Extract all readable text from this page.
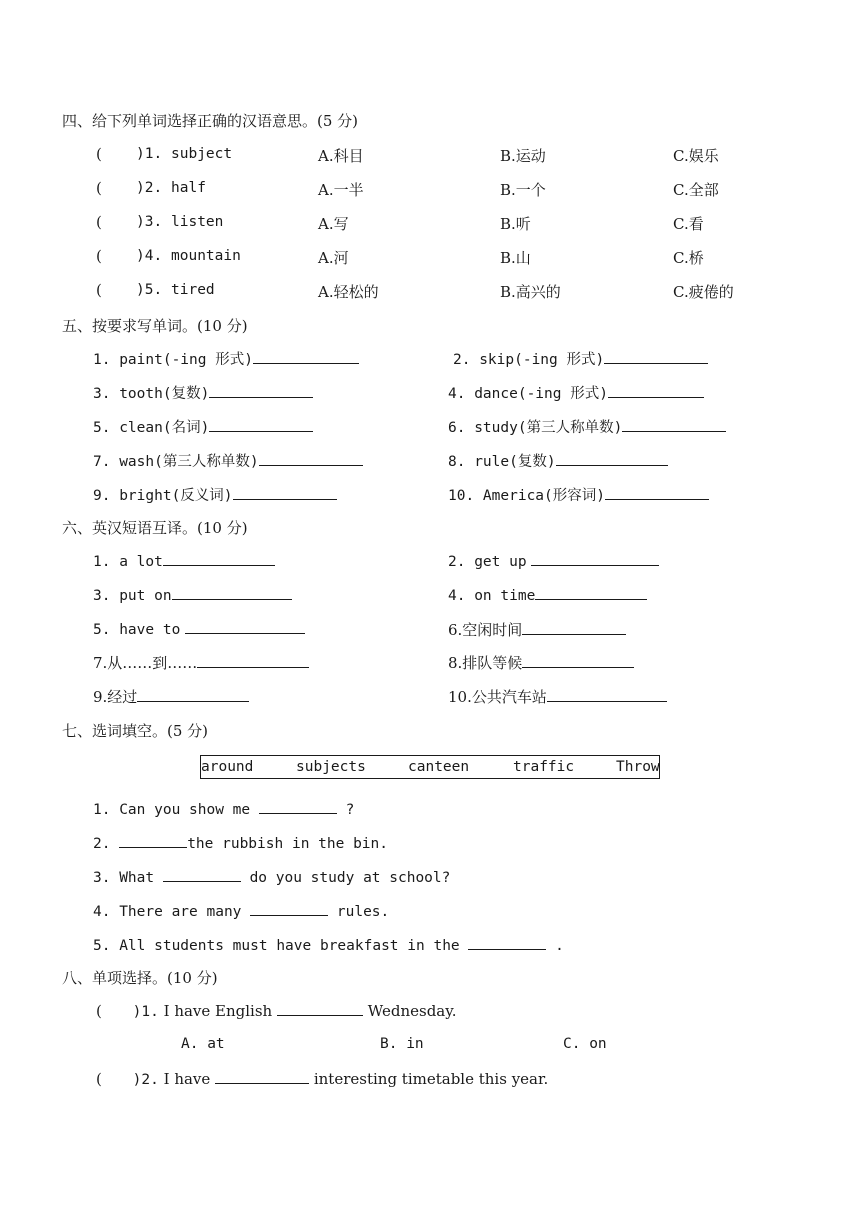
四、给下列单词选择正确的汉语意思。(5 分)
( )1. subject	A.科目	B.运动	C.娱乐
( )2. half	A.一半	B.一个	C.全部
( )3. listen	A.写	B.听	C.看
( )4. mountain	A.河	B.山	C.桥
( )5. tired	A.轻松的	B.高兴的	C.疲倦的
五、按要求写单词。(10 分)
1. paint(-ing 形式)	2. skip(-ing 形式)
3. tooth(复数)	4. dance(-ing 形式)
5. clean(名词)	6. study(第三人称单数)
7. wash(第三人称单数)	8. rule(复数)
9. bright(反义词)	10. America(形容词)
六、英汉短语互译。(10 分)
1. a lot	2. get up
3. put on	4. on time
5. have to	6.空闲时间
7.从……到……	8.排队等候
9.经过	10.公共汽车站
七、选词填空。(5 分)
around	subjects	canteen	traffic	Throw
1. Can you show me	?
2.	the rubbish in the bin.
3. What	do you study at school?
4. There are many	rules.
5. All students must have breakfast in the	.
八、单项选择。(10 分)
( )1. I have English	Wednesday.
A. at	B. in	C. on
( )2. I have	interesting timetable this year.
